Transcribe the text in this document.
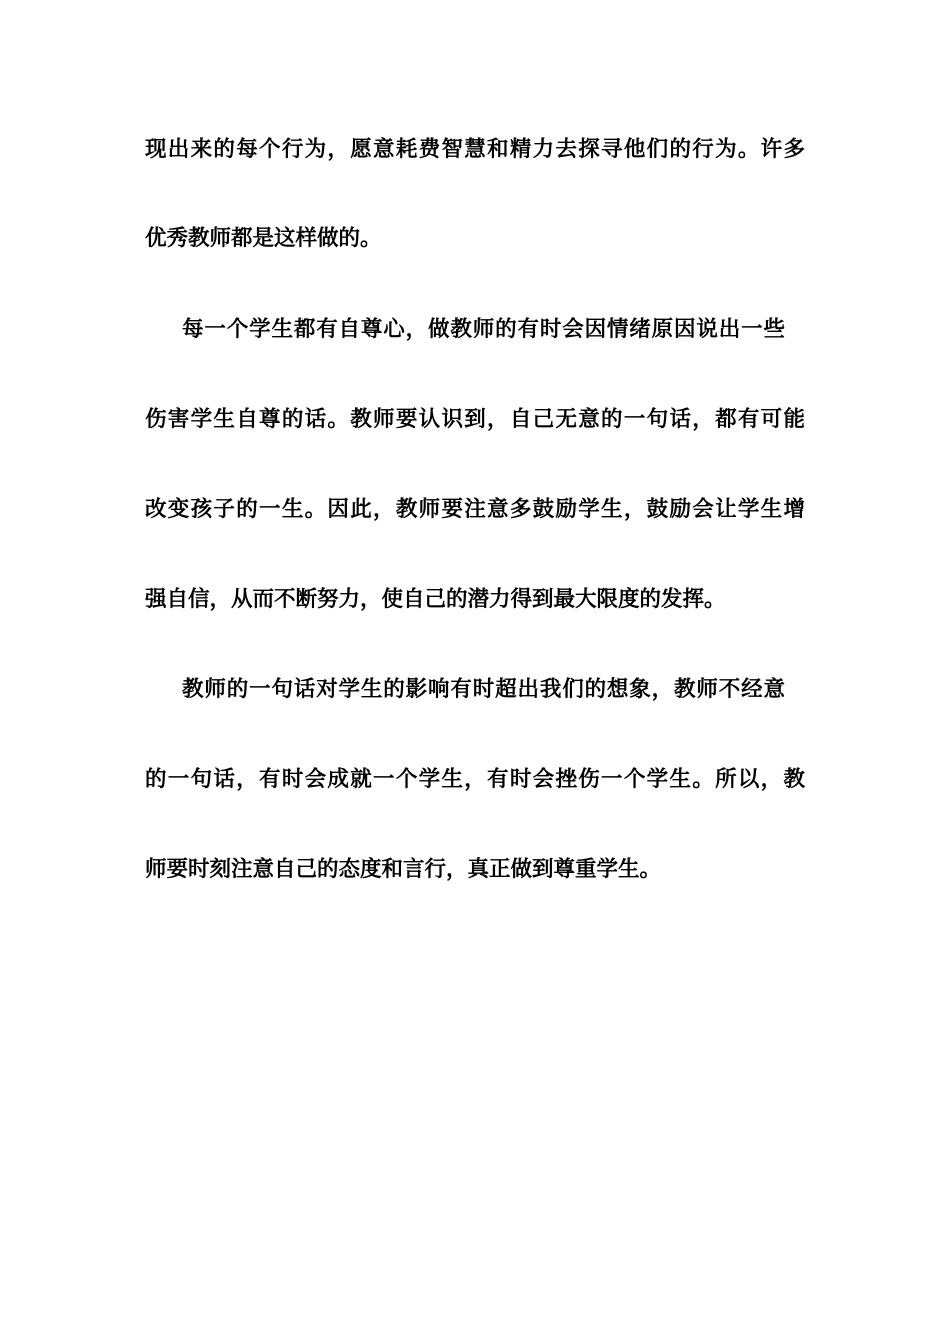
现出来的每个行为，愿意耗费智慧和精力去探寻他们的行为。许多
优秀教师都是这样做的。
每一个学生都有自尊心，做教师的有时会因情绪原因说出一些
伤害学生自尊的话。教师要认识到，自己无意的一句话，都有可能
改变孩子的一生。因此，教师要注意多鼓励学生，鼓励会让学生增
强自信，从而不断努力，使自己的潜力得到最大限度的发挥。
教师的一句话对学生的影响有时超出我们的想象，教师不经意
的一句话，有时会成就一个学生，有时会挫伤一个学生。所以，教
师要时刻注意自己的态度和言行，真正做到尊重学生。
